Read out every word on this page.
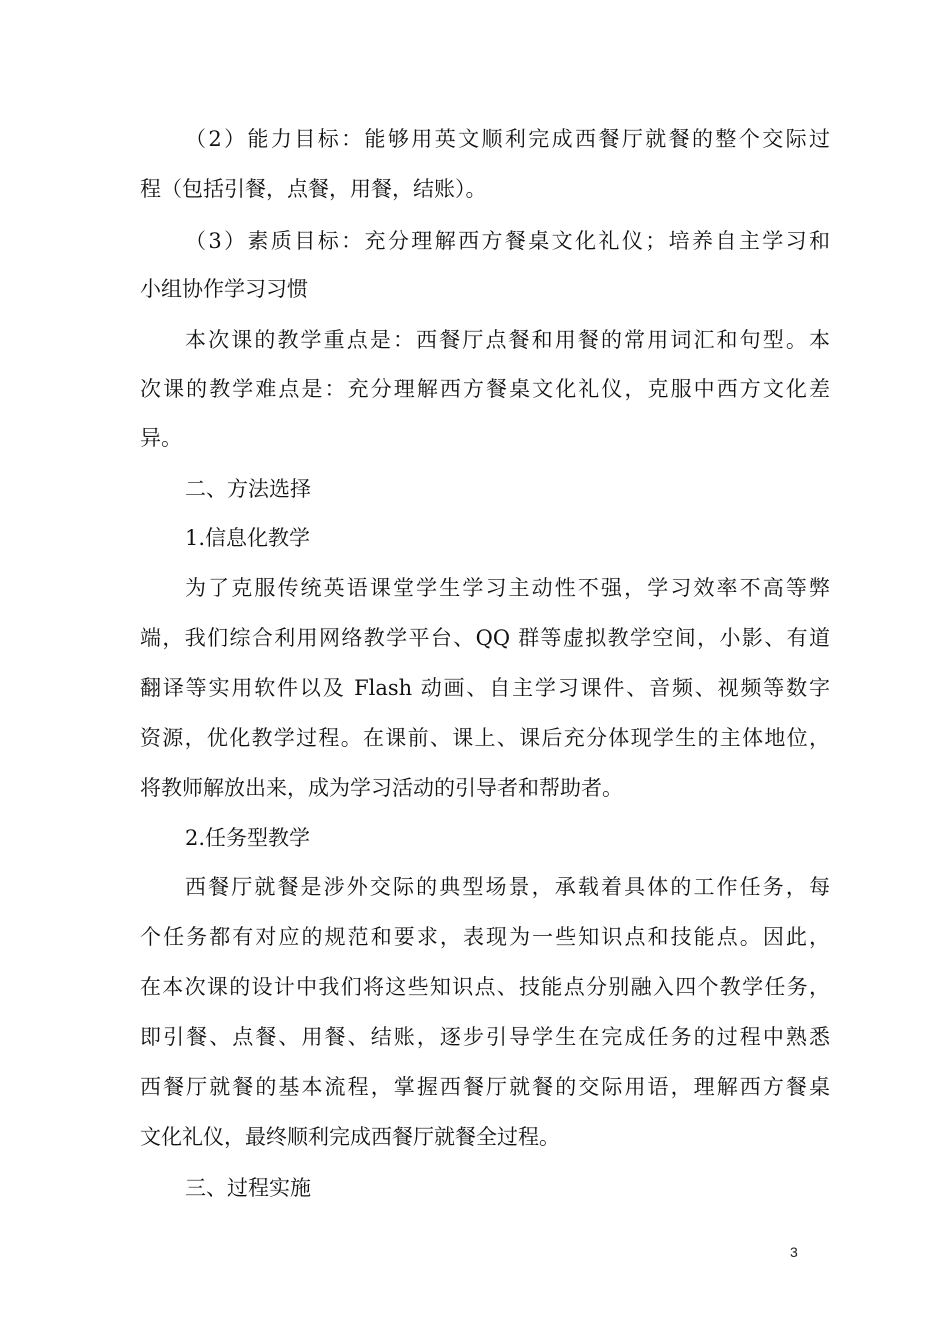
（2）能力目标：能够用英文顺利完成西餐厅就餐的整个交际过
程（包括引餐，点餐，用餐，结账）。
（3）素质目标：充分理解西方餐桌文化礼仪；培养自主学习和
小组协作学习习惯
本次课的教学重点是：西餐厅点餐和用餐的常用词汇和句型。本
次课的教学难点是：充分理解西方餐桌文化礼仪，克服中西方文化差
异。
二、方法选择
1.信息化教学
为了克服传统英语课堂学生学习主动性不强，学习效率不高等弊
端，我们综合利用网络教学平台、QQ 群等虚拟教学空间，小影、有道
翻译等实用软件以及 Flash 动画、自主学习课件、音频、视频等数字
资源，优化教学过程。在课前、课上、课后充分体现学生的主体地位，
将教师解放出来，成为学习活动的引导者和帮助者。
2.任务型教学
西餐厅就餐是涉外交际的典型场景，承载着具体的工作任务，每
个任务都有对应的规范和要求，表现为一些知识点和技能点。因此，
在本次课的设计中我们将这些知识点、技能点分别融入四个教学任务，
即引餐、点餐、用餐、结账，逐步引导学生在完成任务的过程中熟悉
西餐厅就餐的基本流程，掌握西餐厅就餐的交际用语，理解西方餐桌
文化礼仪，最终顺利完成西餐厅就餐全过程。
三、过程实施
3
